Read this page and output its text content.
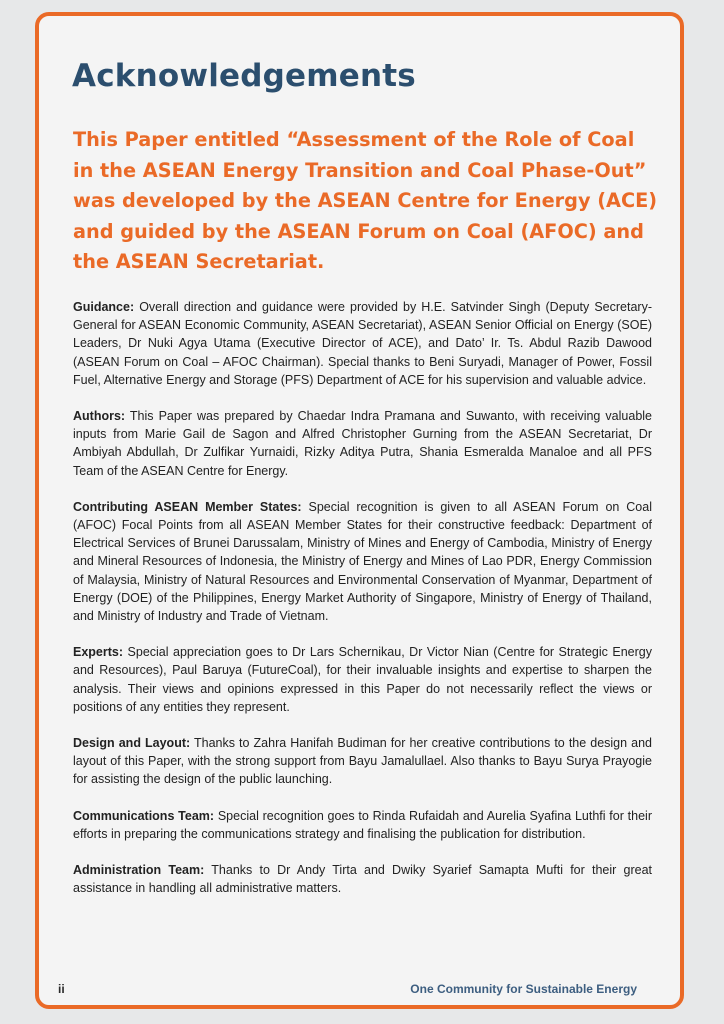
Acknowledgements

This Paper entitled “Assessment of the Role of Coal in the ASEAN Energy Transition and Coal Phase-Out” was developed by the ASEAN Centre for Energy (ACE) and guided by the ASEAN Forum on Coal (AFOC) and the ASEAN Secretariat.

Guidance: Overall direction and guidance were provided by H.E. Satvinder Singh (Deputy Secretary-General for ASEAN Economic Community, ASEAN Secretariat), ASEAN Senior Official on Energy (SOE) Leaders, Dr Nuki Agya Utama (Executive Director of ACE), and Dato’ Ir. Ts. Abdul Razib Dawood (ASEAN Forum on Coal – AFOC Chairman). Special thanks to Beni Suryadi, Manager of Power, Fossil Fuel, Alternative Energy and Storage (PFS) Department of ACE for his supervision and valuable advice.

Authors: This Paper was prepared by Chaedar Indra Pramana and Suwanto, with receiving valuable inputs from Marie Gail de Sagon and Alfred Christopher Gurning from the ASEAN Secretariat, Dr Ambiyah Abdullah, Dr Zulfikar Yurnaidi, Rizky Aditya Putra, Shania Esmeralda Manaloe and all PFS Team of the ASEAN Centre for Energy.

Contributing ASEAN Member States: Special recognition is given to all ASEAN Forum on Coal (AFOC) Focal Points from all ASEAN Member States for their constructive feedback: Department of Electrical Services of Brunei Darussalam, Ministry of Mines and Energy of Cambodia, Ministry of Energy and Mineral Resources of Indonesia, the Ministry of Energy and Mines of Lao PDR, Energy Commission of Malaysia, Ministry of Natural Resources and Environmental Conservation of Myanmar, Department of Energy (DOE) of the Philippines, Energy Market Authority of Singapore, Ministry of Energy of Thailand, and Ministry of Industry and Trade of Vietnam.

Experts: Special appreciation goes to Dr Lars Schernikau, Dr Victor Nian (Centre for Strategic Energy and Resources), Paul Baruya (FutureCoal), for their invaluable insights and expertise to sharpen the analysis. Their views and opinions expressed in this Paper do not necessarily reflect the views or positions of any entities they represent.

Design and Layout: Thanks to Zahra Hanifah Budiman for her creative contributions to the design and layout of this Paper, with the strong support from Bayu Jamalullael. Also thanks to Bayu Surya Prayogie for assisting the design of the public launching.

Communications Team: Special recognition goes to Rinda Rufaidah and Aurelia Syafina Luthfi for their efforts in preparing the communications strategy and finalising the publication for distribution.

Administration Team: Thanks to Dr Andy Tirta and Dwiky Syarief Samapta Mufti for their great assistance in handling all administrative matters.

ii	One Community for Sustainable Energy
